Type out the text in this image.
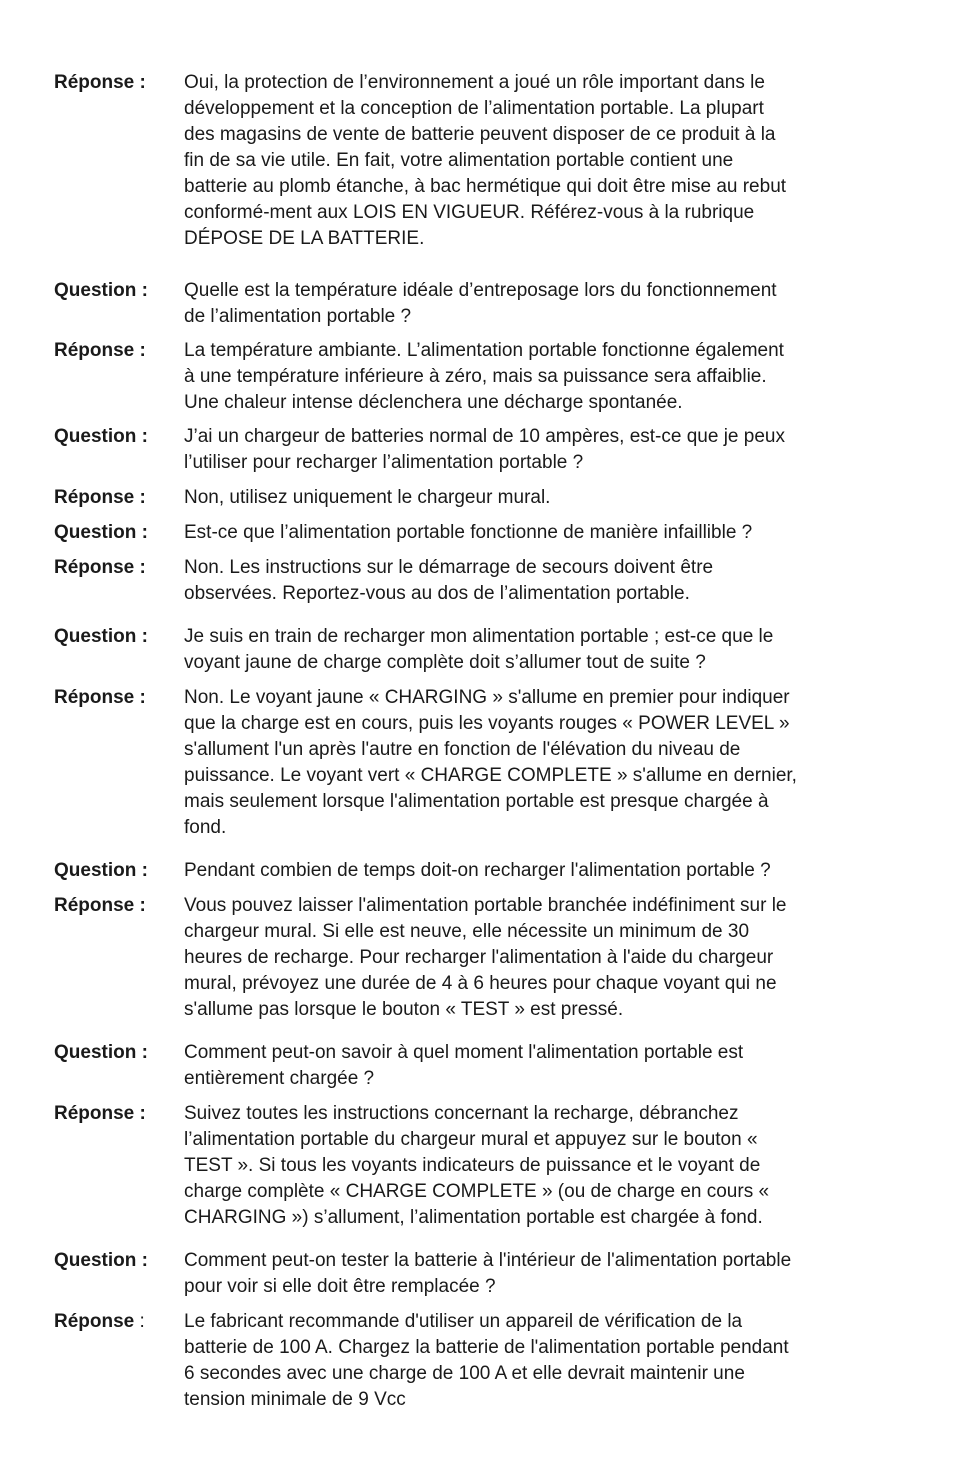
Réponse :	Oui, la protection de l’environnement a joué un rôle important dans le
développement et la conception de l’alimentation portable. La plupart
des magasins de vente de batterie peuvent disposer de ce produit à la
fin de sa vie utile. En fait, votre alimentation portable contient une
batterie au plomb étanche, à bac hermétique qui doit être mise au rebut
conformé-ment aux LOIS EN VIGUEUR. Référez-vous à la rubrique
DÉPOSE DE LA BATTERIE.
Question :	Quelle est la température idéale d’entreposage lors du fonctionnement
de l’alimentation portable ?
Réponse :	La température ambiante. L’alimentation portable fonctionne également
à une température inférieure à zéro, mais sa puissance sera affaiblie.
Une chaleur intense déclenchera une décharge spontanée.
Question :	J’ai un chargeur de batteries normal de 10 ampères, est-ce que je peux
l’utiliser pour recharger l’alimentation portable ?
Réponse :	Non, utilisez uniquement le chargeur mural.
Question :	Est-ce que l’alimentation portable fonctionne de manière infaillible ?
Réponse :	Non. Les instructions sur le démarrage de secours doivent être
observées. Reportez-vous au dos de l’alimentation portable.
Question :	Je suis en train de recharger mon alimentation portable ; est-ce que le
voyant jaune de charge complète doit s’allumer tout de suite ?
Réponse :	Non. Le voyant jaune « CHARGING » s'allume en premier pour indiquer
que la charge est en cours, puis les voyants rouges « POWER LEVEL »
s'allument l'un après l'autre en fonction de l'élévation du niveau de
puissance. Le voyant vert « CHARGE COMPLETE » s'allume en dernier,
mais seulement lorsque l'alimentation portable est presque chargée à
fond.
Question :	Pendant combien de temps doit-on recharger l'alimentation portable ?
Réponse :	Vous pouvez laisser l'alimentation portable branchée indéfiniment sur le
chargeur mural. Si elle est neuve, elle nécessite un minimum de 30
heures de recharge. Pour recharger l'alimentation à l'aide du chargeur
mural, prévoyez une durée de 4 à 6 heures pour chaque voyant qui ne
s'allume pas lorsque le bouton « TEST » est pressé.
Question :	Comment peut-on savoir à quel moment l'alimentation portable est
entièrement chargée ?
Réponse :	Suivez toutes les instructions concernant la recharge, débranchez
l’alimentation portable du chargeur mural et appuyez sur le bouton «
TEST ». Si tous les voyants indicateurs de puissance et le voyant de
charge complète « CHARGE COMPLETE » (ou de charge en cours «
CHARGING ») s’allument, l’alimentation portable est chargée à fond.
Question :	Comment peut-on tester la batterie à l'intérieur de l'alimentation portable
pour voir si elle doit être remplacée ?
Réponse :	Le fabricant recommande d'utiliser un appareil de vérification de la
batterie de 100 A. Chargez la batterie de l'alimentation portable pendant
6 secondes avec une charge de 100 A et elle devrait maintenir une
tension minimale de 9 Vcc
